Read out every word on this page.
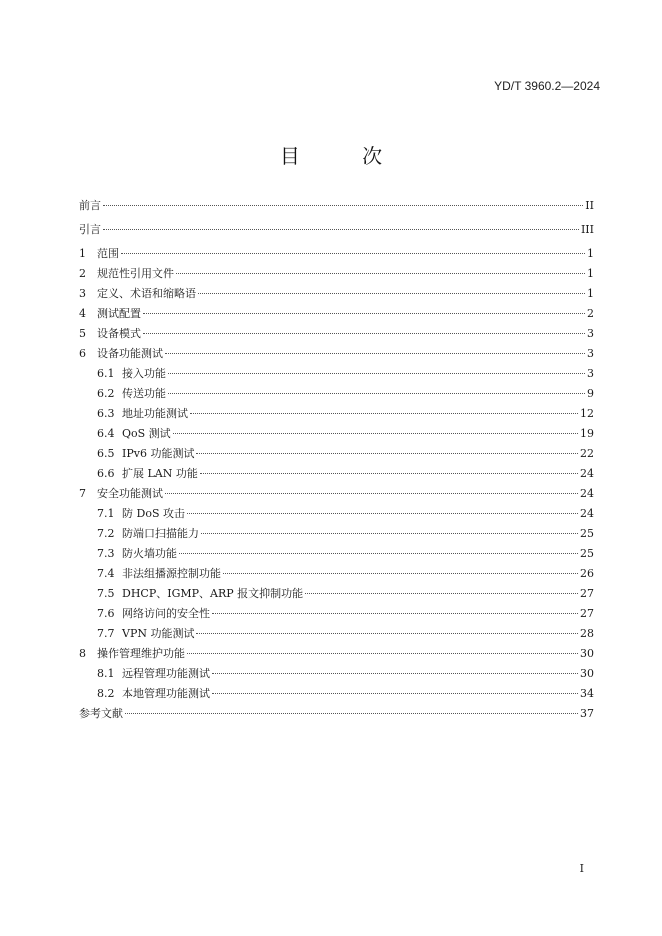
YD/T 3960.2—2024
目 次
前言	II
引言	III
1	范围	1
2	规范性引用文件	1
3	定义、术语和缩略语	1
4	测试配置	2
5	设备模式	3
6	设备功能测试	3
6.1 接入功能	3
6.2 传送功能	9
6.3 地址功能测试	12
6.4 QoS 测试	19
6.5 IPv6 功能测试	22
6.6 扩展 LAN 功能	24
7	安全功能测试	24
7.1 防 DoS 攻击	24
7.2 防端口扫描能力	25
7.3 防火墙功能	25
7.4 非法组播源控制功能	26
7.5 DHCP、IGMP、ARP 报文抑制功能	27
7.6 网络访问的安全性	27
7.7 VPN 功能测试	28
8	操作管理维护功能	30
8.1 远程管理功能测试	30
8.2 本地管理功能测试	34
参考文献	37
I
